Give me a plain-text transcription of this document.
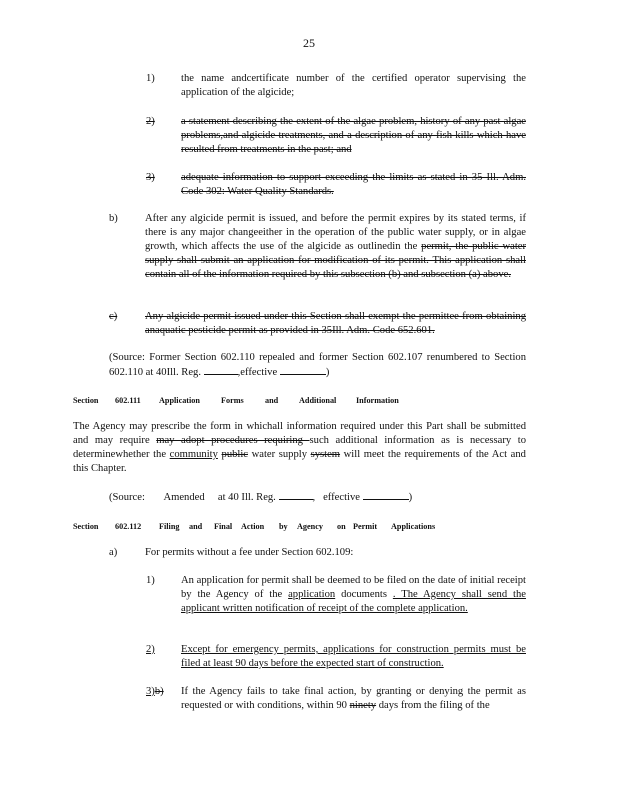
25
1) the name andcertificate number of the certified operator supervising the application of the algicide;
2) a statement describing the extent of the algae problem, history of any past algae problems,and algicide treatments, and a description of any fish kills which have resulted from treatments in the past; and
3) adequate information to support exceeding the limits as stated in 35 Ill. Adm. Code 302: Water Quality Standards.
b)	After any algicide permit is issued, and before the permit expires by its stated terms, if there is any major changeeither in the operation of the public water supply, or in algae growth, which affects the use of the algicide as outlinedin the permit, the public water supply shall submit an application for modification of its permit. This application shall contain all of the information required by this subsection (b) and subsection (a) above.
c)	Any algicide permit issued under this Section shall exempt the permittee from obtaining anaquatic pesticide permit as provided in 35Ill. Adm. Code 652.601.
(Source: Former Section 602.110 repealed and former Section 602.107 renumbered to Section 602.110 at 40Ill. Reg.	,effective	)
Section 602.111 Application	Forms	and	Additional Information
The Agency may prescribe the form in whichall information required under this Part shall be submitted and may require may adopt procedures requiring such additional information as is necessary to determinewhether the community public water supply system will meet the requirements of the Act and this Chapter.
(Source: Amended at 40 Ill. Reg.	, effective	)
Section 602.112 Filing and Final Action by Agency on Permit Applications
a)	For permits without a fee under Section 602.109:
1) An application for permit shall be deemed to be filed on the date of initial receipt by the Agency of the application documents . The Agency shall send the applicant written notification of receipt of the complete application.
2) Except for emergency permits, applications for construction permits must be filed at least 90 days before the expected start of construction.
3)b) If the Agency fails to take final action, by granting or denying the permit as requested or with conditions, within 90 ninety days from the filing of the
